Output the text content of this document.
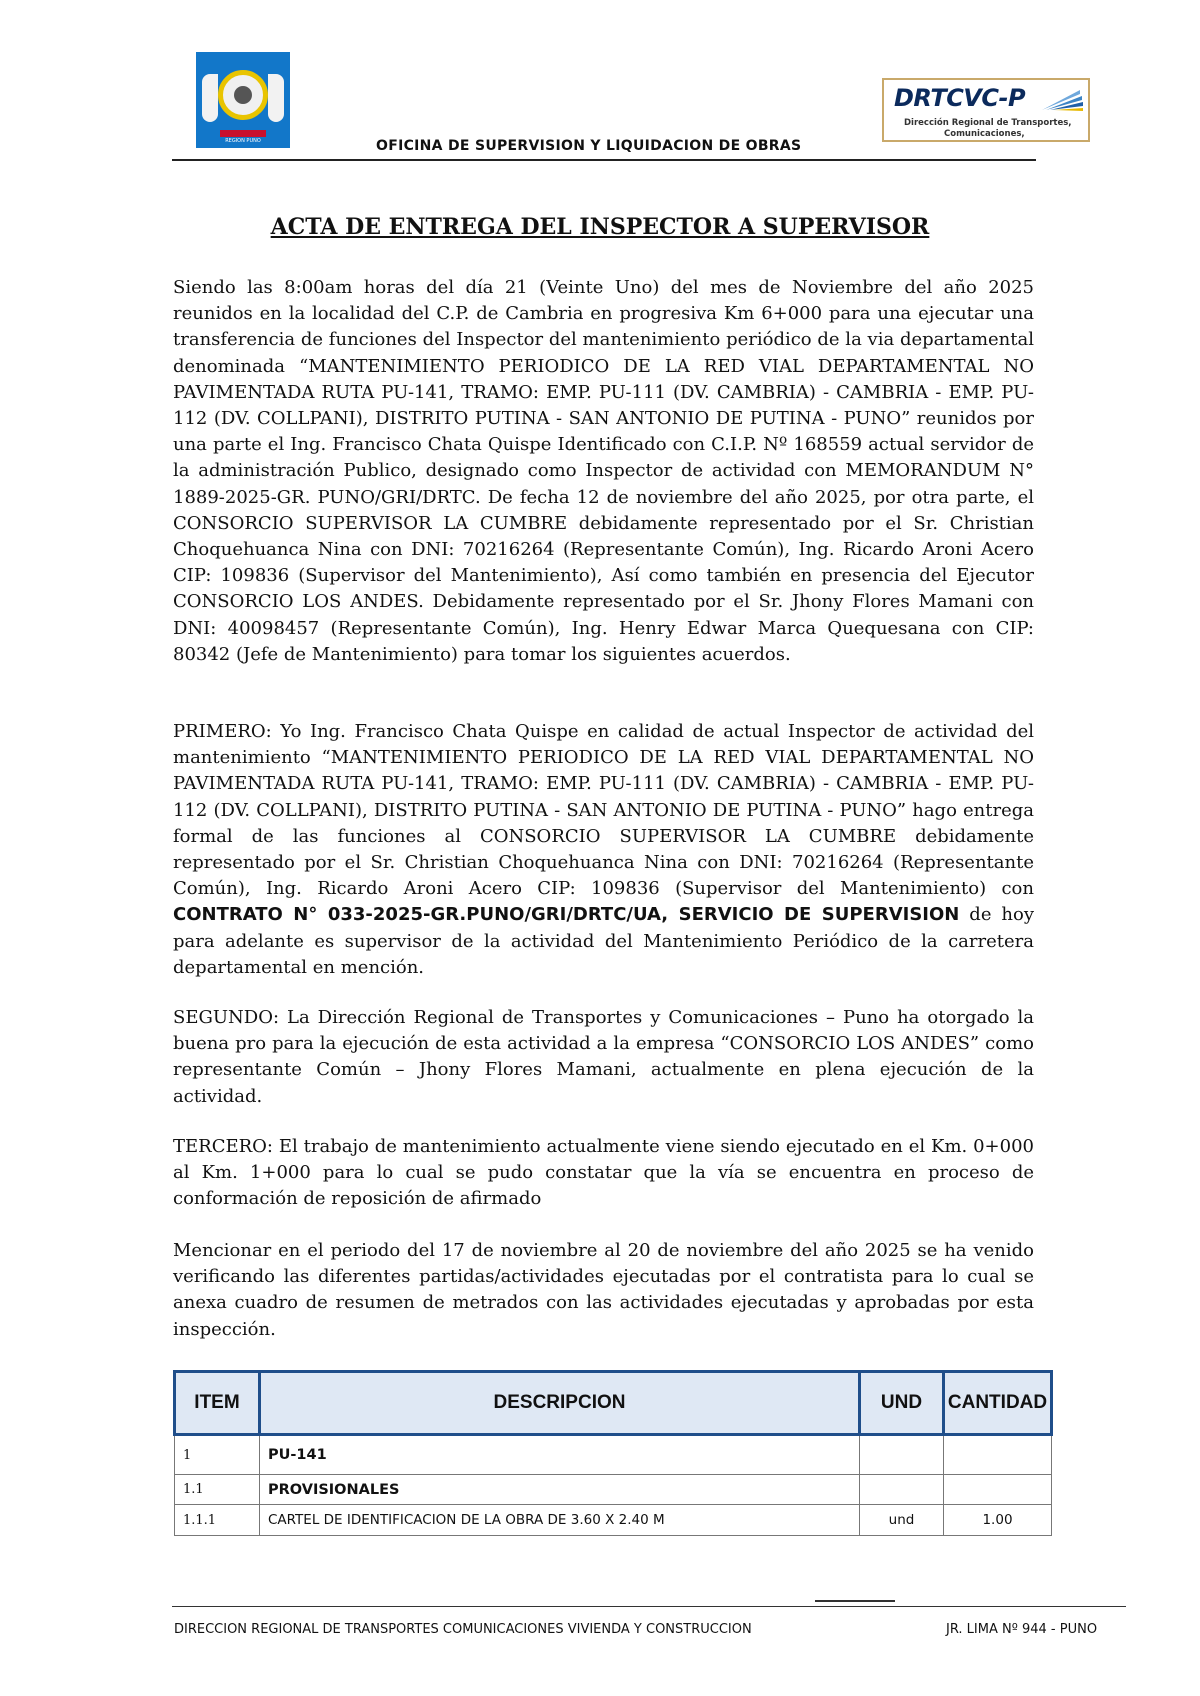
REGION PUNO
DRTCVC-P
Dirección Regional de Transportes,
Comunicaciones,
OFICINA DE SUPERVISION Y LIQUIDACION DE OBRAS
ACTA DE ENTREGA DEL INSPECTOR A SUPERVISOR

Siendo las 8:00am horas del día 21 (Veinte Uno) del mes de Noviembre del año 2025 reunidos en la localidad del C.P. de Cambria en progresiva Km 6+000 para una ejecutar una transferencia de funciones del Inspector del mantenimiento periódico de la via departamental denominada “MANTENIMIENTO PERIODICO DE LA RED VIAL DEPARTAMENTAL NO PAVIMENTADA RUTA PU-141, TRAMO: EMP. PU-111 (DV. CAMBRIA) - CAMBRIA - EMP. PU-112 (DV. COLLPANI), DISTRITO PUTINA - SAN ANTONIO DE PUTINA - PUNO” reunidos por una parte el Ing. Francisco Chata Quispe Identificado con C.I.P. Nº 168559 actual servidor de la administración Publico, designado como Inspector de actividad con MEMORANDUM N° 1889-2025-GR. PUNO/GRI/DRTC. De fecha 12 de noviembre del año 2025, por otra parte, el CONSORCIO SUPERVISOR LA CUMBRE debidamente representado por el Sr. Christian Choquehuanca Nina con DNI: 70216264 (Representante Común), Ing. Ricardo Aroni Acero CIP: 109836 (Supervisor del Mantenimiento), Así como también en presencia del Ejecutor CONSORCIO LOS ANDES. Debidamente representado por el Sr. Jhony Flores Mamani con DNI: 40098457 (Representante Común), Ing. Henry Edwar Marca Quequesana con CIP: 80342 (Jefe de Mantenimiento) para tomar los siguientes acuerdos.

PRIMERO: Yo Ing. Francisco Chata Quispe en calidad de actual Inspector de actividad del mantenimiento “MANTENIMIENTO PERIODICO DE LA RED VIAL DEPARTAMENTAL NO PAVIMENTADA RUTA PU-141, TRAMO: EMP. PU-111 (DV. CAMBRIA) - CAMBRIA - EMP. PU-112 (DV. COLLPANI), DISTRITO PUTINA - SAN ANTONIO DE PUTINA - PUNO” hago entrega formal de las funciones al CONSORCIO SUPERVISOR LA CUMBRE debidamente representado por el Sr. Christian Choquehuanca Nina con DNI: 70216264 (Representante Común), Ing. Ricardo Aroni Acero CIP: 109836 (Supervisor del Mantenimiento) con CONTRATO N° 033-2025-GR.PUNO/GRI/DRTC/UA, SERVICIO DE SUPERVISION de hoy para adelante es supervisor de la actividad del Mantenimiento Periódico de la carretera departamental en mención.

SEGUNDO: La Dirección Regional de Transportes y Comunicaciones – Puno ha otorgado la buena pro para la ejecución de esta actividad a la empresa “CONSORCIO LOS ANDES” como representante Común – Jhony Flores Mamani, actualmente en plena ejecución de la actividad.

TERCERO: El trabajo de mantenimiento actualmente viene siendo ejecutado en el Km. 0+000 al Km. 1+000 para lo cual se pudo constatar que la vía se encuentra en proceso de conformación de reposición de afirmado

Mencionar en el periodo del 17 de noviembre al 20 de noviembre del año 2025 se ha venido verificando las diferentes partidas/actividades ejecutadas por el contratista para lo cual se anexa cuadro de resumen de metrados con las actividades ejecutadas y aprobadas por esta inspección.

ITEM	DESCRIPCION	UND	CANTIDAD
1	PU-141		
1.1	PROVISIONALES		
1.1.1	CARTEL DE IDENTIFICACION DE LA OBRA DE 3.60 X 2.40 M	und	1.00
DIRECCION REGIONAL DE TRANSPORTES COMUNICACIONES VIVIENDA Y CONSTRUCCION	JR. LIMA Nº 944 - PUNO
